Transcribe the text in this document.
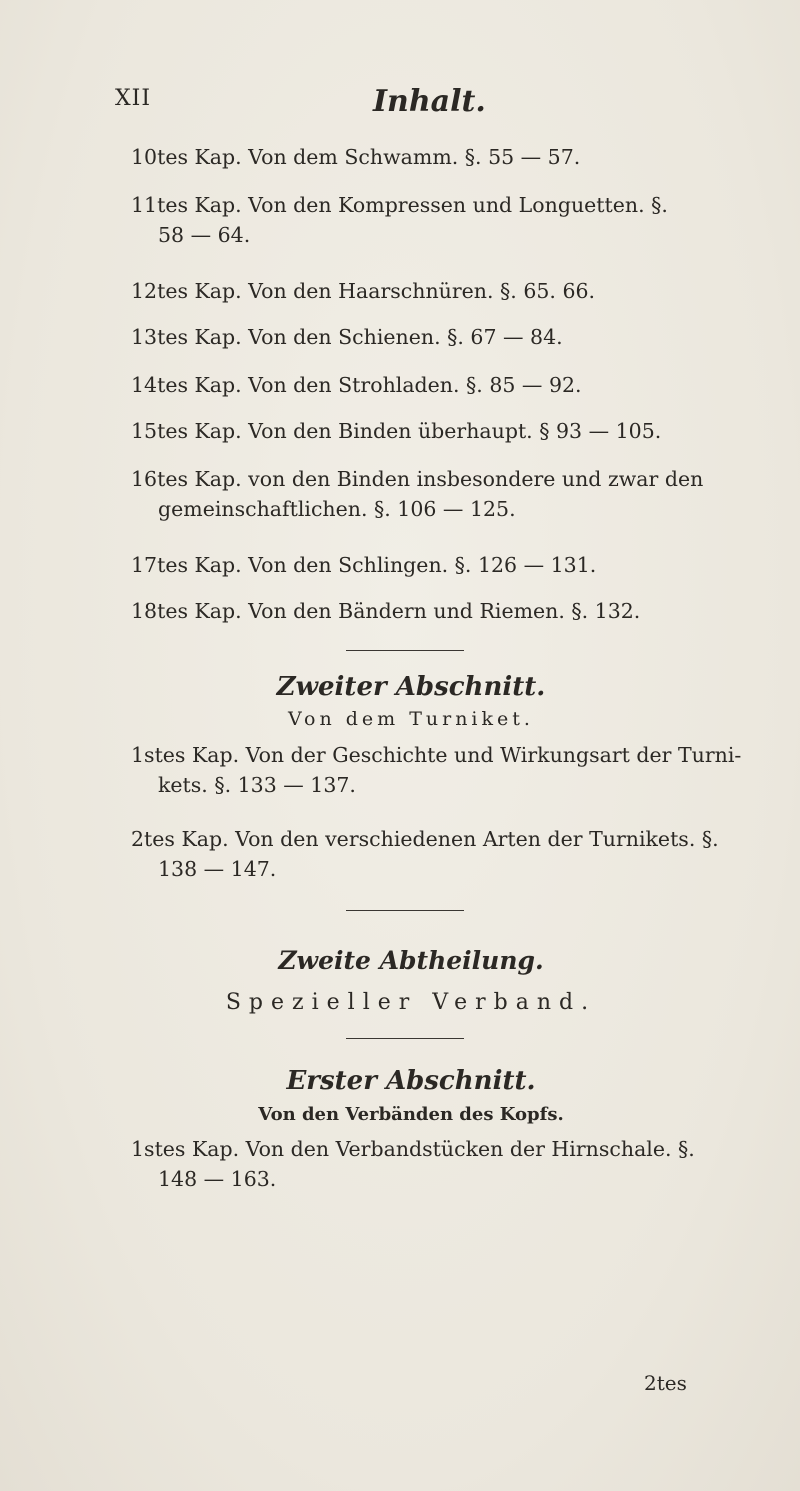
XII	Inhalt.
10tes Kap. Von dem Schwamm. §. 55 — 57.
11tes Kap. Von den Kompressen und Longuetten. §.
58 — 64.
12tes Kap. Von den Haarschnüren. §. 65. 66.
13tes Kap. Von den Schienen. §. 67 — 84.
14tes Kap. Von den Strohladen. §. 85 — 92.
15tes Kap. Von den Binden überhaupt. § 93 — 105.
16tes Kap. von den Binden insbesondere und zwar den
gemeinschaftlichen. §. 106 — 125.
17tes Kap. Von den Schlingen. §. 126 — 131.
18tes Kap. Von den Bändern und Riemen. §. 132.
Zweiter Abschnitt.
Von dem Turniket.
1stes Kap. Von der Geschichte und Wirkungsart der Turni-
kets. §. 133 — 137.
2tes Kap. Von den verschiedenen Arten der Turnikets. §.
138 — 147.
Zweite Abtheilung.
Spezieller Verband.
Erster Abschnitt.
Von den Verbänden des Kopfs.
1stes Kap. Von den Verbandstücken der Hirnschale. §.
148 — 163.
2tes
